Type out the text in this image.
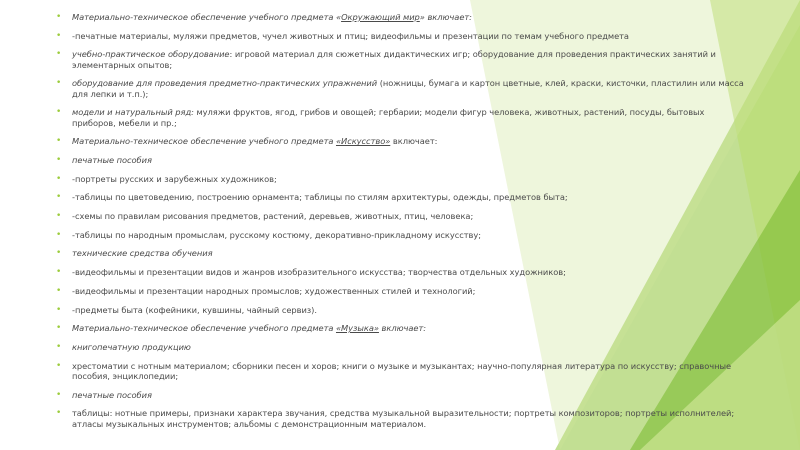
• Материально-техническое обеспечение учебного предмета «Окружающий мир» включает:
• -печатные материалы, муляжи предметов, чучел животных и птиц; видеофильмы и презентации по темам учебного предмета
• учебно-практическое оборудование: игровой материал для сюжетных дидактических игр; оборудование для проведения практических занятий и элементарных опытов;
• оборудование для проведения предметно-практических упражнений (ножницы, бумага и картон цветные, клей, краски, кисточки, пластилин или масса для лепки и т.п.);
• модели и натуральный ряд: муляжи фруктов, ягод, грибов и овощей; гербарии; модели фигур человека, животных, растений, посуды, бытовых приборов, мебели и пр.;
• Материально-техническое обеспечение учебного предмета «Искусство» включает:
• печатные пособия
• -портреты русских и зарубежных художников;
• -таблицы по цветоведению, построению орнамента; таблицы по стилям архитектуры, одежды, предметов быта;
• -схемы по правилам рисования предметов, растений, деревьев, животных, птиц, человека;
• -таблицы по народным промыслам, русскому костюму, декоративно-прикладному искусству;
• технические средства обучения
• -видеофильмы и презентации видов и жанров изобразительного искусства; творчества отдельных художников;
• -видеофильмы и презентации народных промыслов; художественных стилей и технологий;
• -предметы быта (кофейники, кувшины, чайный сервиз).
• Материально-техническое обеспечение учебного предмета «Музыка» включает:
• книгопечатную продукцию
• хрестоматии с нотным материалом; сборники песен и хоров; книги о музыке и музыкантах; научно-популярная литература по искусству; справочные пособия, энциклопедии;
• печатные пособия
• таблицы: нотные примеры, признаки характера звучания, средства музыкальной выразительности; портреты композиторов; портреты исполнителей; атласы музыкальных инструментов; альбомы с демонстрационным материалом.
